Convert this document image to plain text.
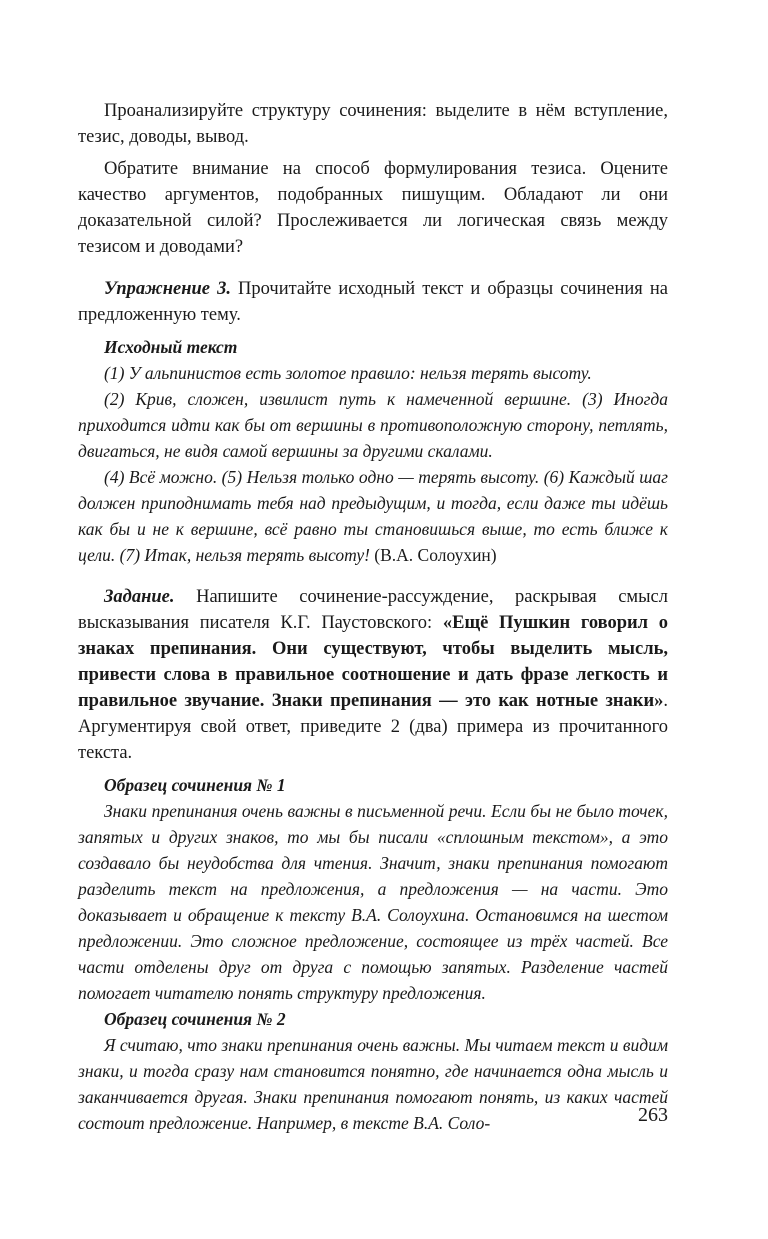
Проанализируйте структуру сочинения: выделите в нём вступление, тезис, доводы, вывод.

Обратите внимание на способ формулирования тезиса. Оцените качество аргументов, подобранных пишущим. Обладают ли они доказательной силой? Прослеживается ли логическая связь между тезисом и доводами?

Упражнение 3. Прочитайте исходный текст и образцы сочинения на предложенную тему.

Исходный текст

(1) У альпинистов есть золотое правило: нельзя терять высоту.

(2) Крив, сложен, извилист путь к намеченной вершине. (3) Иногда приходится идти как бы от вершины в противоположную сторону, петлять, двигаться, не видя самой вершины за другими скалами.

(4) Всё можно. (5) Нельзя только одно — терять высоту. (6) Каждый шаг должен приподнимать тебя над предыдущим, и тогда, если даже ты идёшь как бы и не к вершине, всё равно ты становишься выше, то есть ближе к цели. (7) Итак, нельзя терять высоту! (В.А. Солоухин)

Задание. Напишите сочинение-рассуждение, раскрывая смысл высказывания писателя К.Г. Паустовского: «Ещё Пушкин говорил о знаках препинания. Они существуют, чтобы выделить мысль, привести слова в правильное соотношение и дать фразе легкость и правильное звучание. Знаки препинания — это как нотные знаки». Аргументируя свой ответ, приведите 2 (два) примера из прочитанного текста.

Образец сочинения № 1

Знаки препинания очень важны в письменной речи. Если бы не было точек, запятых и других знаков, то мы бы писали «сплошным текстом», а это создавало бы неудобства для чтения. Значит, знаки препинания помогают разделить текст на предложения, а предложения — на части. Это доказывает и обращение к тексту В.А. Солоухина. Остановимся на шестом предложении. Это сложное предложение, состоящее из трёх частей. Все части отделены друг от друга с помощью запятых. Разделение частей помогает читателю понять структуру предложения.

Образец сочинения № 2

Я считаю, что знаки препинания очень важны. Мы читаем текст и видим знаки, и тогда сразу нам становится понятно, где начинается одна мысль и заканчивается другая. Знаки препинания помогают понять, из каких частей состоит предложение. Например, в тексте В.А. Соло-	263
